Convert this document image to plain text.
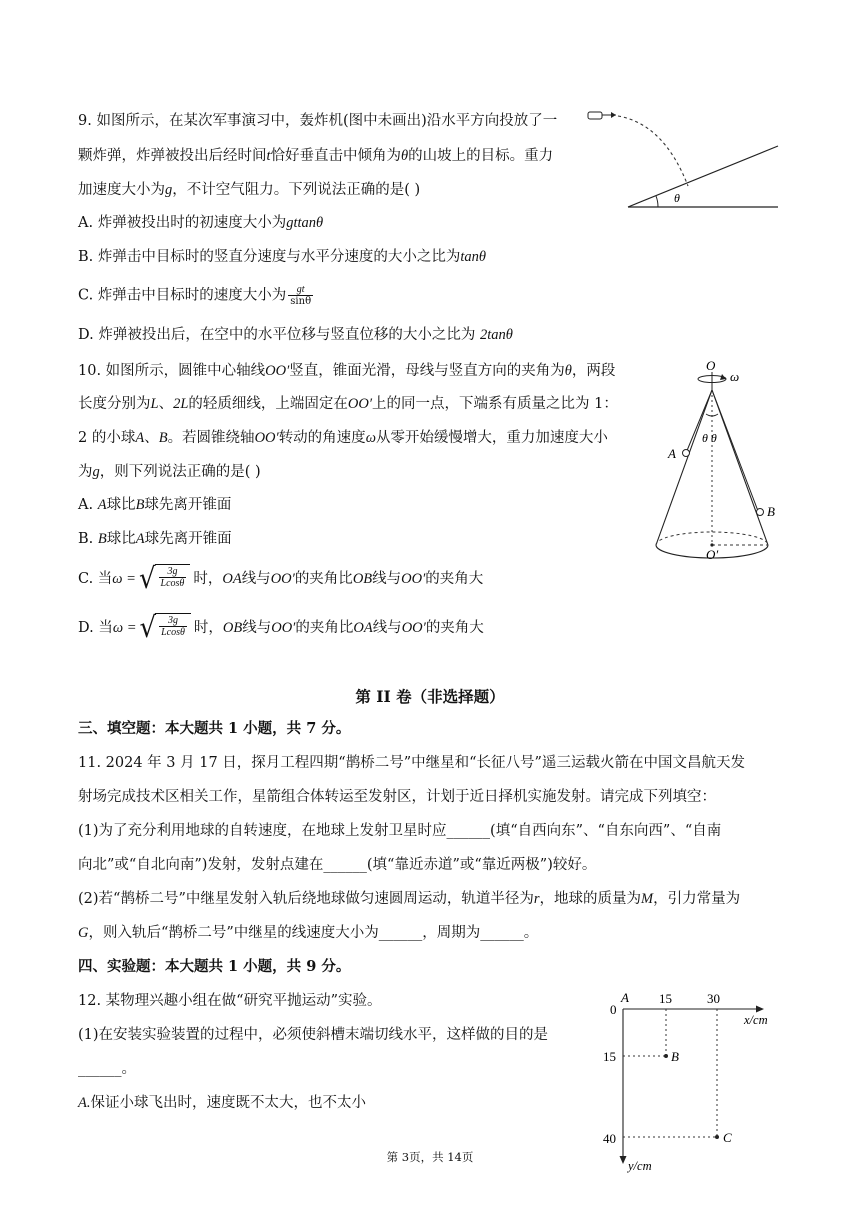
9. 如图所示，在某次军事演习中，轰炸机(图中未画出)沿水平方向投放了一
颗炸弹，炸弹被投出后经时间t恰好垂直击中倾角为θ的山坡上的目标。重力
加速度大小为g，不计空气阻力。下列说法正确的是( )
A. 炸弹被投出时的初速度大小为gttanθ
B. 炸弹击中目标时的竖直分速度与水平分速度的大小之比为tanθ
C. 炸弹击中目标时的速度大小为 $\frac{gt}{\sin\theta}$
D. 炸弹被投出后，在空中的水平位移与竖直位移的大小之比为 2tanθ
θ
10. 如图所示，圆锥中心轴线OO′竖直，锥面光滑，母线与竖直方向的夹角为θ，两段
长度分别为L、2L的轻质细线，上端固定在OO′上的同一点，下端系有质量之比为 1：
2 的小球A、B。若圆锥绕轴OO′转动的角速度ω从零开始缓慢增大，重力加速度大小
为g，则下列说法正确的是( )
A. A球比B球先离开锥面
B. B球比A球先离开锥面
C. 当ω = √ $\frac{3g}{Lcos\theta}$ 时，OA线与OO′的夹角比OB线与OO′的夹角大
D. 当ω = √ $\frac{3g}{Lcos\theta}$ 时，OB线与OO′的夹角比OA线与OO′的夹角大
O
ω
θ θ
A
B
O′
第 II 卷（非选择题）
三、填空题：本大题共 1 小题，共 7 分。
11. 2024 年 3 月 17 日，探月工程四期“鹊桥二号”中继星和“长征八号”遥三运载火箭在中国文昌航天发
射场完成技术区相关工作，星箭组合体转运至发射区，计划于近日择机实施发射。请完成下列填空：
(1)为了充分利用地球的自转速度，在地球上发射卫星时应______(填“自西向东”、“自东向西”、“自南
向北”或“自北向南”)发射，发射点建在______(填“靠近赤道”或“靠近两极”)较好。
(2)若“鹊桥二号”中继星发射入轨后绕地球做匀速圆周运动，轨道半径为r，地球的质量为M，引力常量为
G，则入轨后“鹊桥二号”中继星的线速度大小为______，周期为______。
四、实验题：本大题共 1 小题，共 9 分。
12. 某物理兴趣小组在做“研究平抛运动”实验。
(1)在安装实验装置的过程中，必须使斜槽末端切线水平，这样做的目的是
______。
A.保证小球飞出时，速度既不太大，也不太小
A 15	30
0
x/cm
y/cm
15
40
B
C
第 3页，共 14页
